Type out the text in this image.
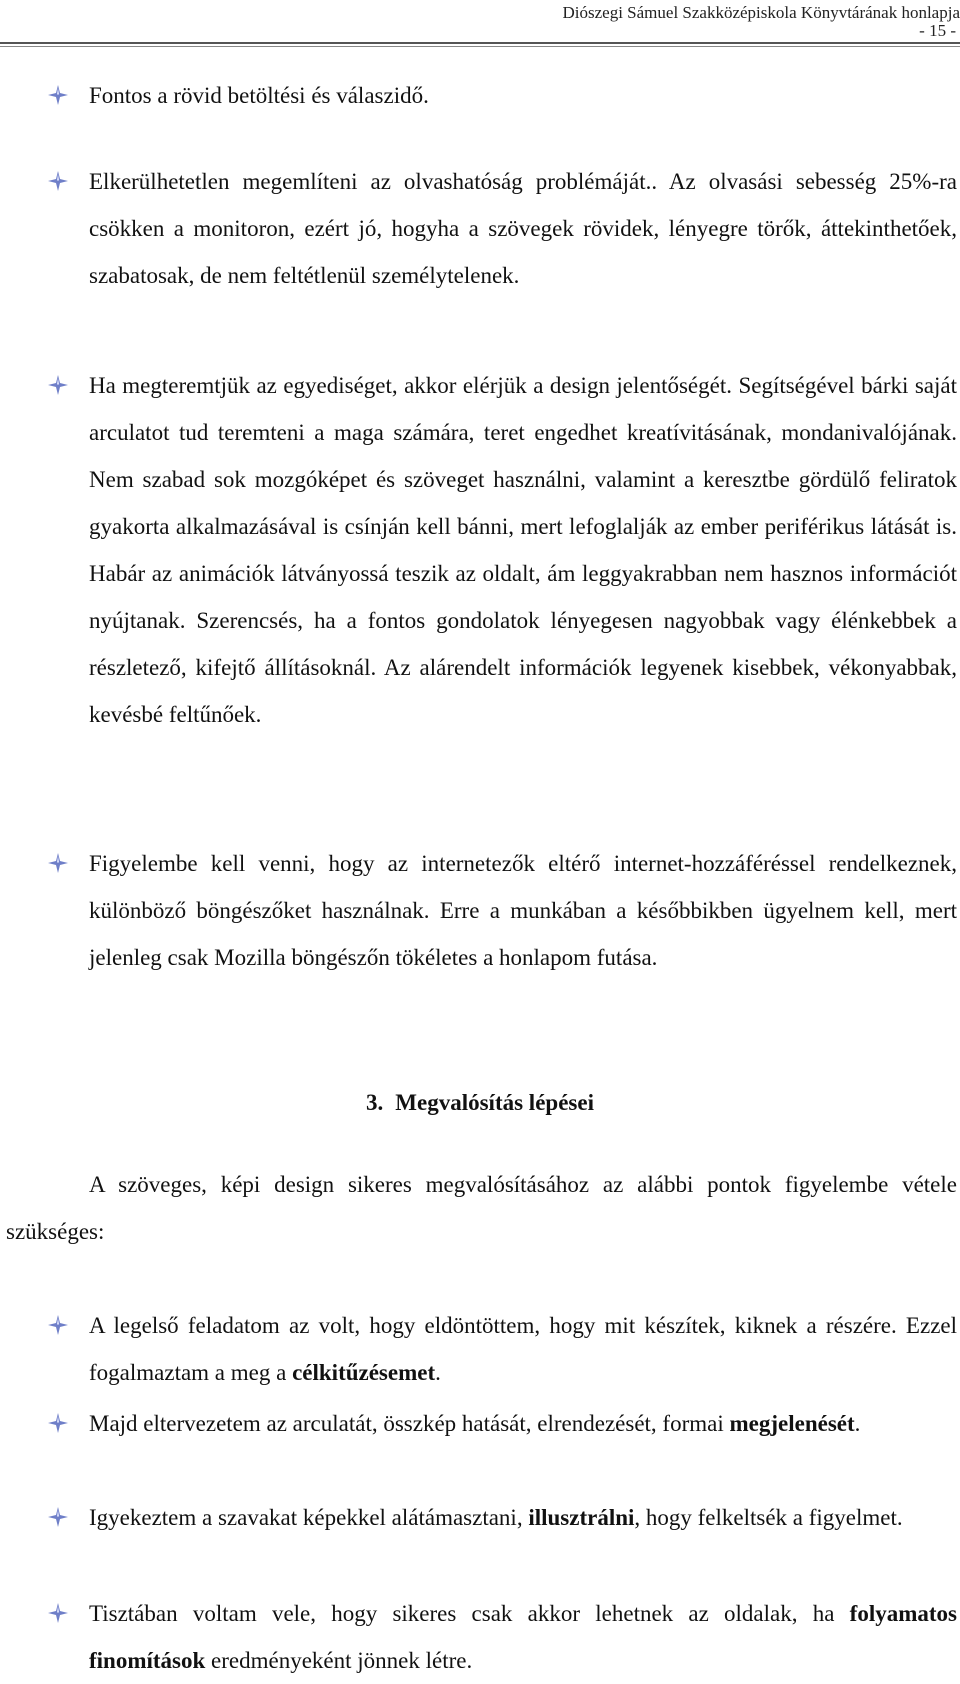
Diószegi Sámuel Szakközépiskola Könyvtárának honlapja
- 15 -
Fontos a rövid betöltési és válaszidő.
Elkerülhetetlen megemlíteni az olvashatóság problémáját.. Az olvasási sebesség 25%-ra csökken a monitoron, ezért jó, hogyha a szövegek rövidek, lényegre törők, áttekinthetőek, szabatosak, de nem feltétlenül személytelenek.
Ha megteremtjük az egyediséget, akkor elérjük a design jelentőségét. Segítségével bárki saját arculatot tud teremteni a maga számára, teret engedhet kreatívitásának, mondanivalójának. Nem szabad sok mozgóképet és szöveget használni, valamint a keresztbe gördülő feliratok gyakorta alkalmazásával is csínján kell bánni, mert lefoglalják az ember periférikus látását is. Habár az animációk látványossá teszik az oldalt, ám leggyakrabban nem hasznos információt nyújtanak. Szerencsés, ha a fontos gondolatok lényegesen nagyobbak vagy élénkebbek a részletező, kifejtő állításoknál. Az alárendelt információk legyenek kisebbek, vékonyabbak, kevésbé feltűnőek.
Figyelembe kell venni, hogy az internetezők eltérő internet-hozzáféréssel rendelkeznek, különböző böngészőket használnak. Erre a munkában a későbbikben ügyelnem kell, mert jelenleg csak Mozilla böngészőn tökéletes a honlapom futása.
3. Megvalósítás lépései
A szöveges, képi design sikeres megvalósításához az alábbi pontok figyelembe vétele szükséges:
A legelső feladatom az volt, hogy eldöntöttem, hogy mit készítek, kiknek a részére. Ezzel fogalmaztam a meg a célkitűzésemet.
Majd eltervezetem az arculatát, összkép hatását, elrendezését, formai megjelenését.
Igyekeztem a szavakat képekkel alátámasztani, illusztrálni, hogy felkeltsék a figyelmet.
Tisztában voltam vele, hogy sikeres csak akkor lehetnek az oldalak, ha folyamatos finomítások eredményeként jönnek létre.
